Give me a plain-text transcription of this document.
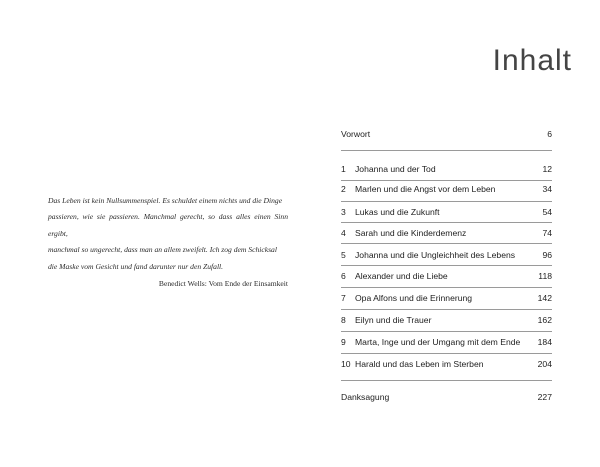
Das Leben ist kein Nullsummenspiel. Es schuldet einem nichts und die Dinge
passieren, wie sie passieren. Manchmal gerecht, so dass alles einen Sinn ergibt,
manchmal so ungerecht, dass man an allem zweifelt. Ich zog dem Schicksal
die Maske vom Gesicht und fand darunter nur den Zufall.

Benedict Wells: Vom Ende der Einsamkeit

Inhalt
Vorwort	6
1 Johanna und der Tod	12
2 Marlen und die Angst vor dem Leben	34
3 Lukas und die Zukunft	54
4 Sarah und die Kinderdemenz	74
5 Johanna und die Ungleichheit des Lebens	96
6 Alexander und die Liebe	118
7 Opa Alfons und die Erinnerung	142
8 Eilyn und die Trauer	162
9 Marta, Inge und der Umgang mit dem Ende 184
10 Harald und das Leben im Sterben	204
Danksagung	227
